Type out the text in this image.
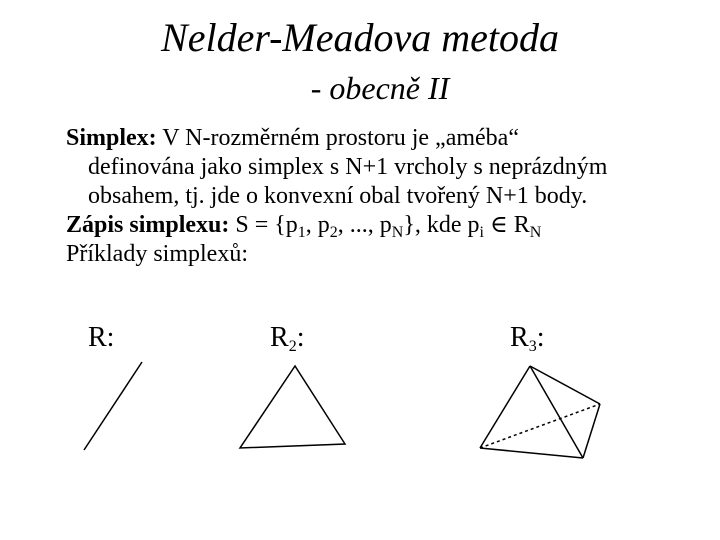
Nelder-Meadova metoda
- obecně II

Simplex: V N-rozměrném prostoru je „améba“

definována jako simplex s N+1 vrcholy s neprázdným

obsahem, tj. jde o konvexní obal tvořený N+1 body.

Zápis simplexu: $S = \{p_1$, $p_2$, ..., $p_N$}, kde $p_i$ ∈ $R_N$

Příklady simplexů:

R:	$R_2$:	$R_3$:
